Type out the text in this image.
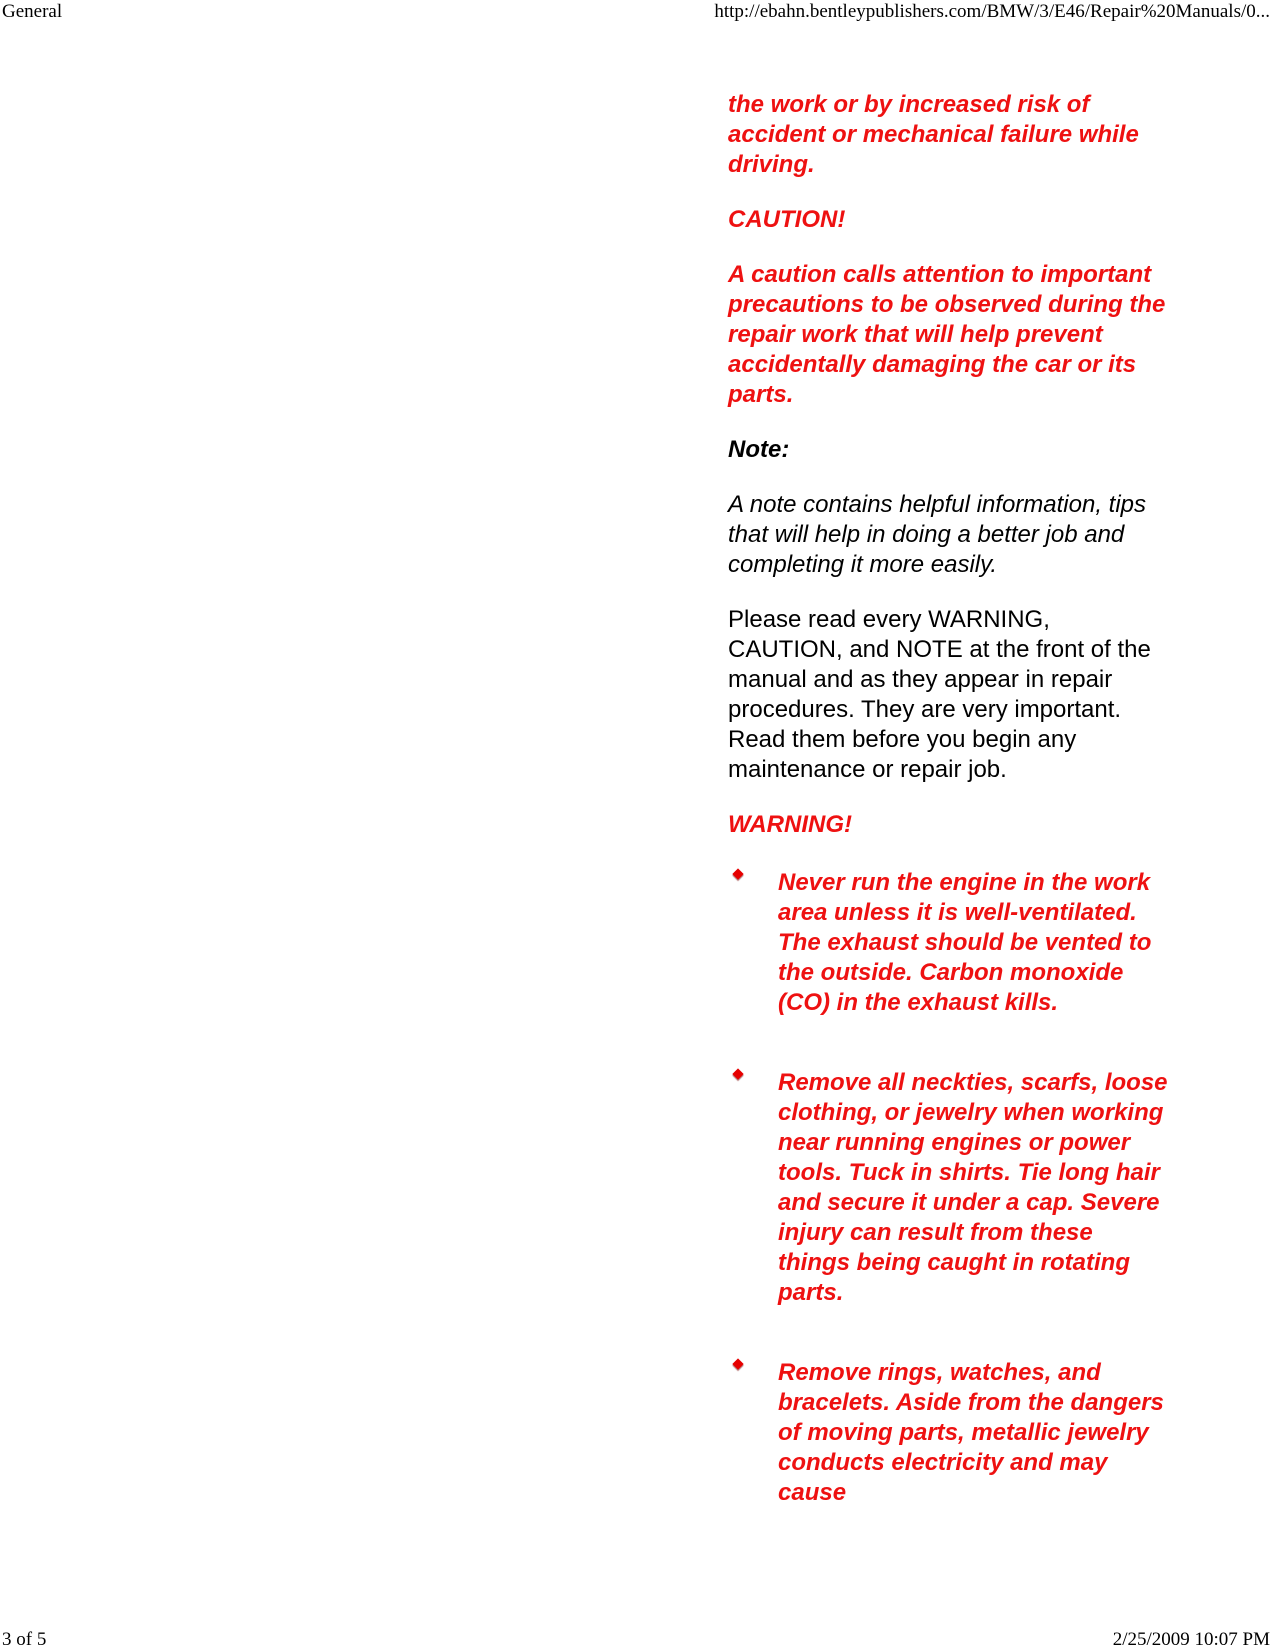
General	http://ebahn.bentleypublishers.com/BMW/3/E46/Repair%20Manuals/0...

the work or by increased risk of accident or mechanical failure while driving.

CAUTION!

A caution calls attention to important precautions to be observed during the repair work that will help prevent accidentally damaging the car or its parts.

Note:

A note contains helpful information, tips that will help in doing a better job and completing it more easily.

Please read every WARNING, CAUTION, and NOTE at the front of the manual and as they appear in repair procedures. They are very important. Read them before you begin any maintenance or repair job.

WARNING!

Never run the engine in the work area unless it is well-ventilated. The exhaust should be vented to the outside. Carbon monoxide (CO) in the exhaust kills.
Remove all neckties, scarfs, loose clothing, or jewelry when working near running engines or power tools. Tuck in shirts. Tie long hair and secure it under a cap. Severe injury can result from these things being caught in rotating parts.
Remove rings, watches, and bracelets. Aside from the dangers of moving parts, metallic jewelry conducts electricity and may cause
3 of 5	2/25/2009 10:07 PM
